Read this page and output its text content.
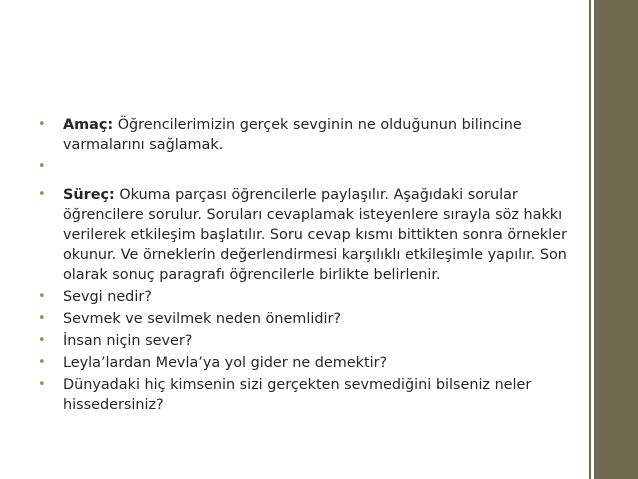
• Amaç: Öğrencilerimizin gerçek sevginin ne olduğunun bilincine varmalarını sağlamak.
•
• Süreç: Okuma parçası öğrencilerle paylaşılır. Aşağıdaki sorular öğrencilere sorulur. Soruları cevaplamak isteyenlere sırayla söz hakkı verilerek etkileşim başlatılır. Soru cevap kısmı bittikten sonra örnekler okunur. Ve örneklerin değerlendirmesi karşılıklı etkileşimle yapılır. Son olarak sonuç paragrafı öğrencilerle birlikte belirlenir.
• Sevgi nedir?
• Sevmek ve sevilmek neden önemlidir?
• İnsan niçin sever?
• Leyla’lardan Mevla’ya yol gider ne demektir?
• Dünyadaki hiç kimsenin sizi gerçekten sevmediğini bilseniz neler hissedersiniz?
